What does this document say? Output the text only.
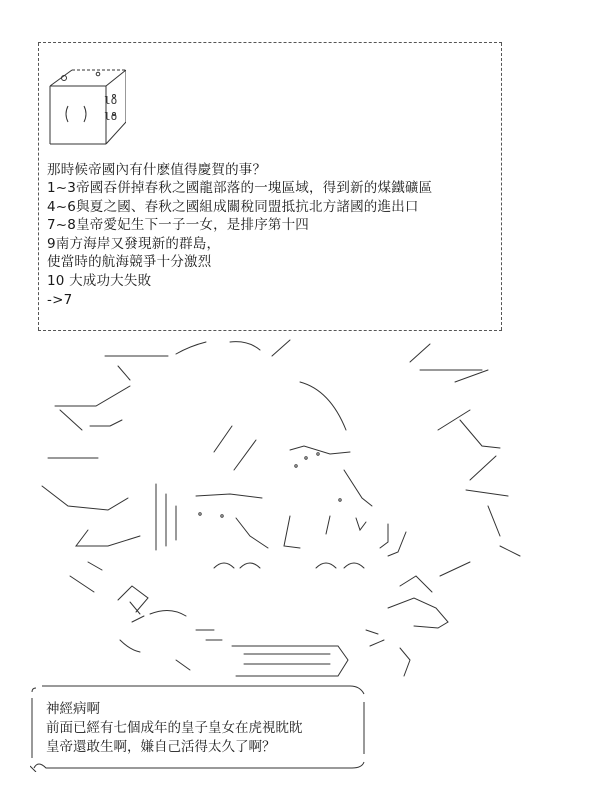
lo
lo
那時候帝國內有什麽值得慶賀的事？
1~3帝國吞併掉春秋之國龍部落的一塊區域，得到新的煤鐵礦區
4~6與夏之國、春秋之國組成關稅同盟抵抗北方諸國的進出口
7~8皇帝愛妃生下一子一女，是排序第十四
9南方海岸又發現新的群島，
使當時的航海競爭十分激烈
10 大成功大失敗
->7
神經病啊
前面已經有七個成年的皇子皇女在虎視眈眈
皇帝還敢生啊，嫌自己活得太久了啊？
